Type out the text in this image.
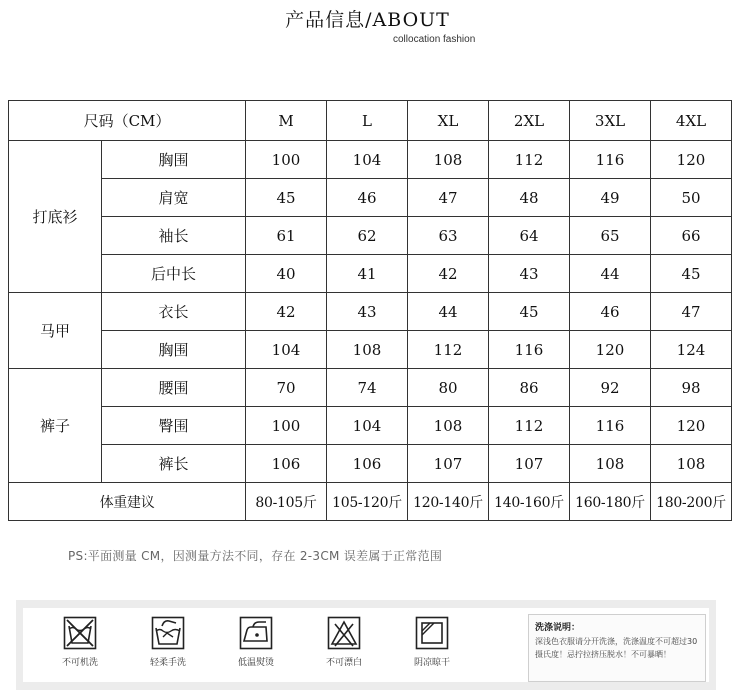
产品信息/ABOUT
collocation fashion
尺码（CM）		M	L	XL	2XL	3XL	4XL
打底衫	胸围	100	104	108	112	116	120
	肩宽	45	46	47	48	49	50
	袖长	61	62	63	64	65	66
	后中长	40	41	42	43	44	45
马甲	衣长	42	43	44	45	46	47
	胸围	104	108	112	116	120	124
裤子	腰围	70	74	80	86	92	98
	臀围	100	104	108	112	116	120
	裤长	106	106	107	107	108	108
体重建议		80-105斤	105-120斤	120-140斤	140-160斤	160-180斤	180-200斤
PS:平面测量 CM，因测量方法不同，存在 2-3CM 误差属于正常范围
不可机洗	轻柔手洗	低温熨烫	不可漂白	阴凉晾干
洗涤说明：
深浅色衣服请分开洗涤，洗涤温度不可超过30摄氏度！忌拧拉挤压脱水！不可暴晒！
